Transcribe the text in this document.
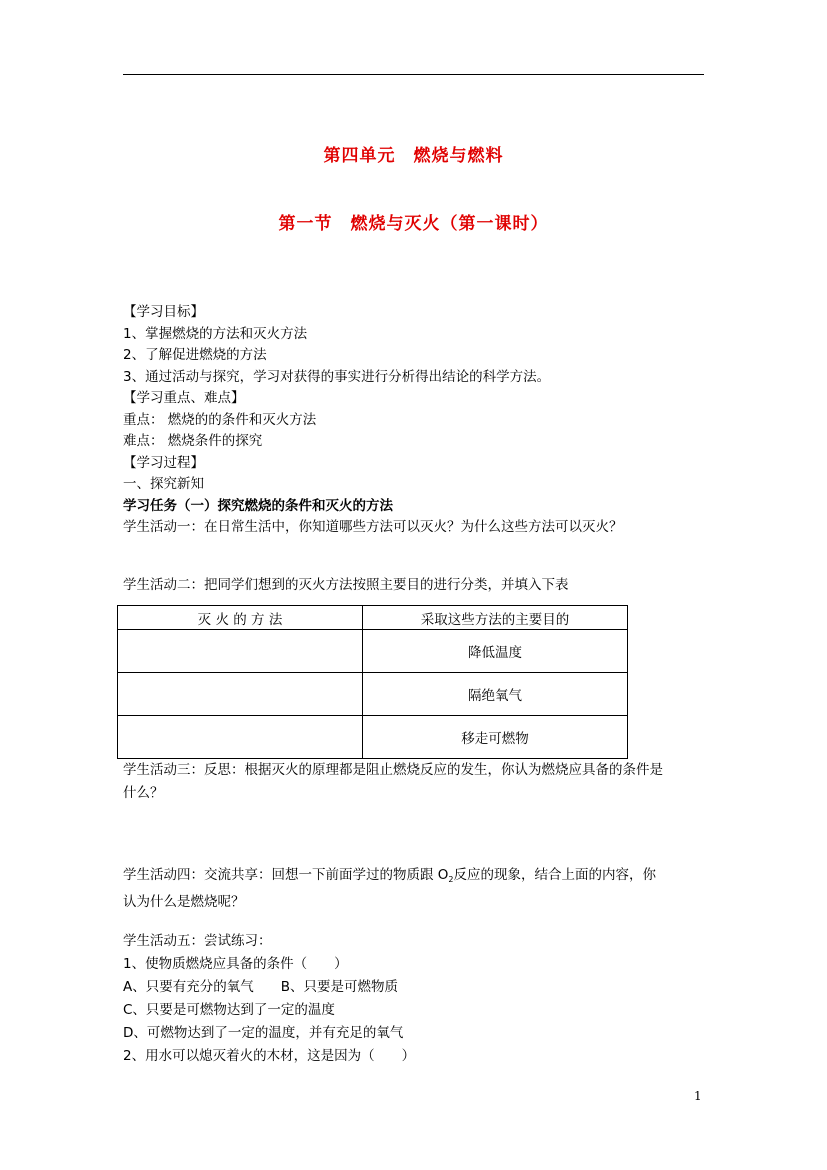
第四单元　燃烧与燃料
第一节　燃烧与灭火（第一课时）
【学习目标】
1、掌握燃烧的方法和灭火方法
2、了解促进燃烧的方法
3、通过活动与探究，学习对获得的事实进行分析得出结论的科学方法。
【学习重点、难点】
重点： 燃烧的的条件和灭火方法
难点： 燃烧条件的探究
【学习过程】
一、探究新知
学习任务（一）探究燃烧的条件和灭火的方法
学生活动一：在日常生活中，你知道哪些方法可以灭火？为什么这些方法可以灭火？
学生活动二：把同学们想到的灭火方法按照主要目的进行分类，并填入下表
灭 火 的 方 法	采取这些方法的主要目的
	降低温度
	隔绝氧气
	移走可燃物
学生活动三：反思：根据灭火的原理都是阻止燃烧反应的发生，你认为燃烧应具备的条件是
什么？
学生活动四：交流共享：回想一下前面学过的物质跟 $O_2$反应的现象，结合上面的内容，你
认为什么是燃烧呢？
学生活动五：尝试练习：
1、使物质燃烧应具备的条件（　　）
A、只要有充分的氧气　　B、只要是可燃物质
C、只要是可燃物达到了一定的温度
D、可燃物达到了一定的温度，并有充足的氧气
2、用水可以熄灭着火的木材，这是因为（　　）
1
